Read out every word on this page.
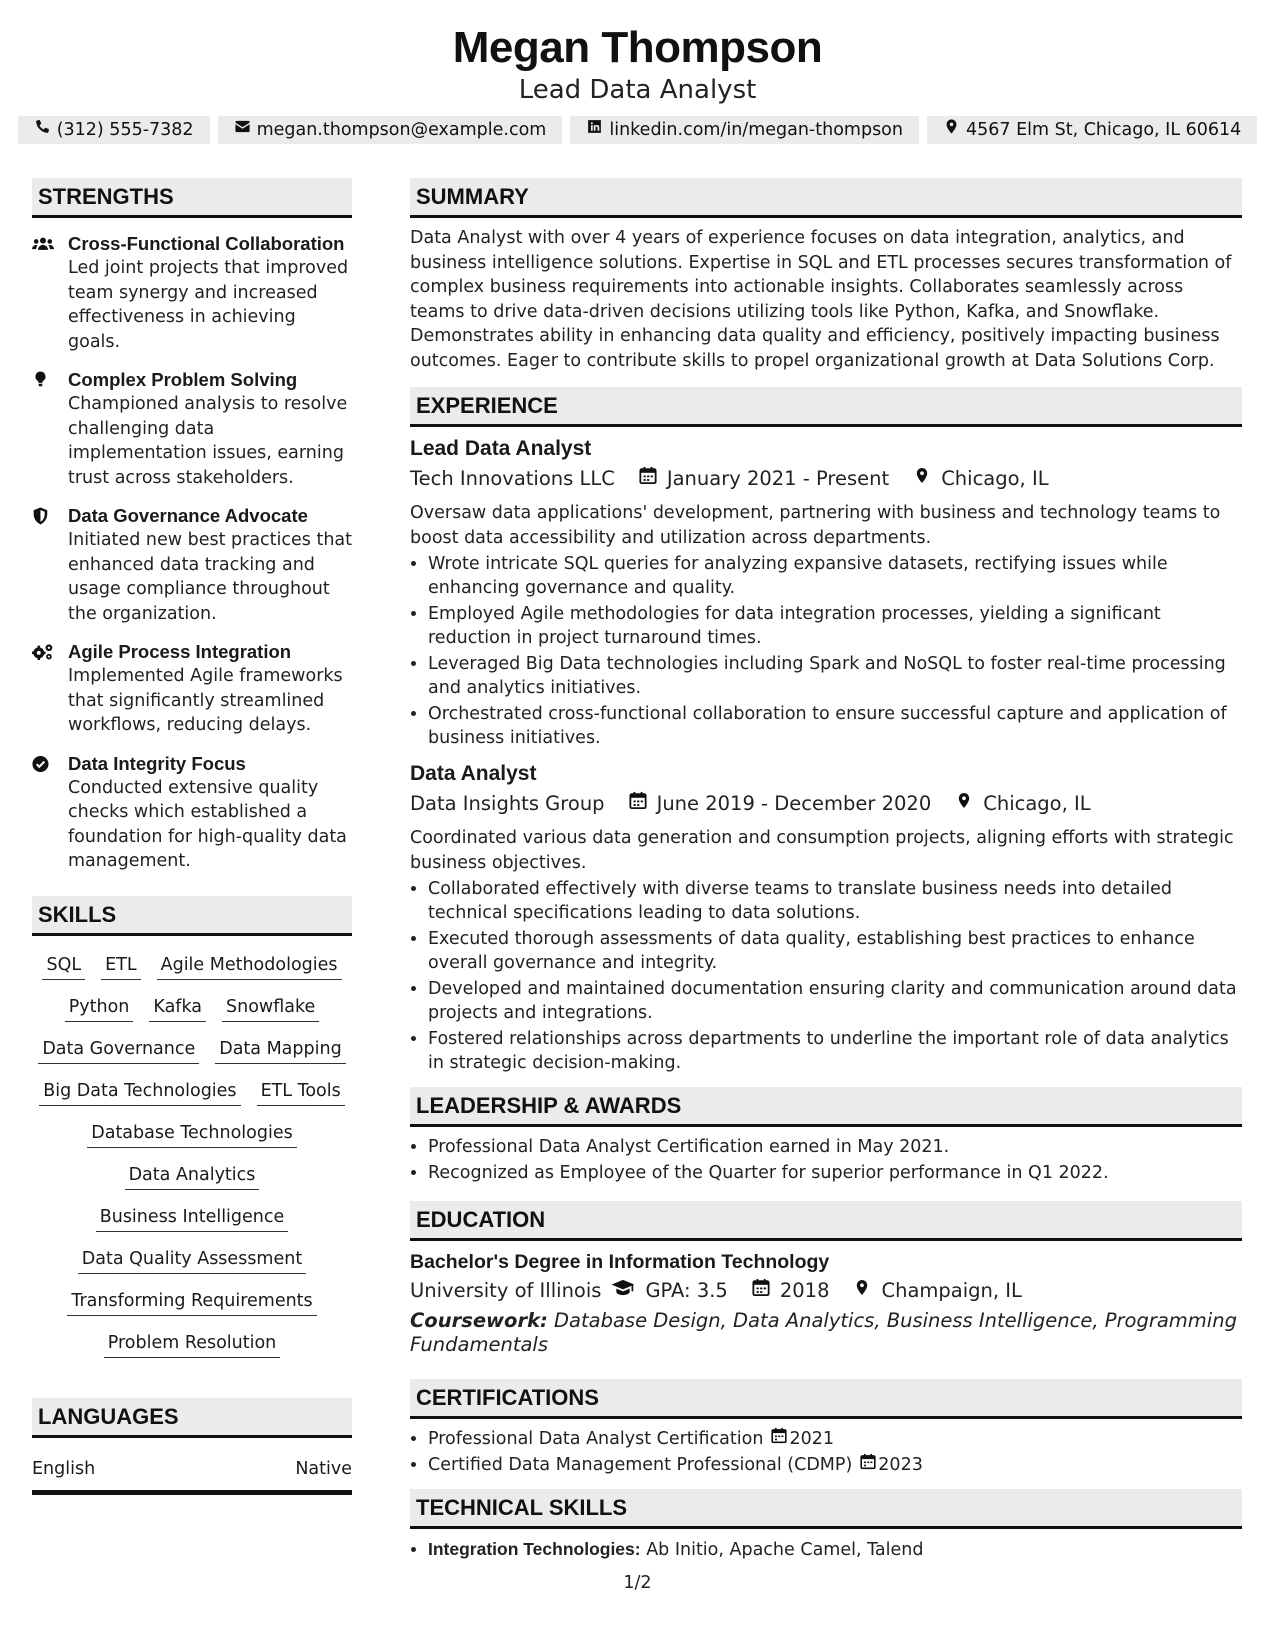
Megan Thompson
Lead Data Analyst
(312) 555-7382	megan.thompson@example.com	linkedin.com/in/megan-thompson	4567 Elm St, Chicago, IL 60614
STRENGTHS
Cross-Functional Collaboration
Led joint projects that improved team synergy and increased effectiveness in achieving goals.
Complex Problem Solving
Championed analysis to resolve challenging data implementation issues, earning trust across stakeholders.
Data Governance Advocate
Initiated new best practices that enhanced data tracking and usage compliance throughout the organization.
Agile Process Integration
Implemented Agile frameworks that significantly streamlined workflows, reducing delays.
Data Integrity Focus
Conducted extensive quality checks which established a foundation for high-quality data management.
SKILLS
SQL ETL Agile Methodologies
Python Kafka Snowflake
Data Governance Data Mapping
Big Data Technologies ETL Tools
Database Technologies
Data Analytics
Business Intelligence
Data Quality Assessment
Transforming Requirements
Problem Resolution
LANGUAGES
English	Native
SUMMARY

Data Analyst with over 4 years of experience focuses on data integration, analytics, and business intelligence solutions. Expertise in SQL and ETL processes secures transformation of complex business requirements into actionable insights. Collaborates seamlessly across teams to drive data-driven decisions utilizing tools like Python, Kafka, and Snowflake. Demonstrates ability in enhancing data quality and efficiency, positively impacting business outcomes. Eager to contribute skills to propel organizational growth at Data Solutions Corp.

EXPERIENCE
Lead Data Analyst
Tech Innovations LLC	January 2021 - Present	Chicago, IL

Oversaw data applications' development, partnering with business and technology teams to boost data accessibility and utilization across departments.

• Wrote intricate SQL queries for analyzing expansive datasets, rectifying issues while enhancing governance and quality.
• Employed Agile methodologies for data integration processes, yielding a significant reduction in project turnaround times.
• Leveraged Big Data technologies including Spark and NoSQL to foster real-time processing and analytics initiatives.
• Orchestrated cross-functional collaboration to ensure successful capture and application of business initiatives.
Data Analyst
Data Insights Group	June 2019 - December 2020	Chicago, IL

Coordinated various data generation and consumption projects, aligning efforts with strategic business objectives.

• Collaborated effectively with diverse teams to translate business needs into detailed technical specifications leading to data solutions.
• Executed thorough assessments of data quality, establishing best practices to enhance overall governance and integrity.
• Developed and maintained documentation ensuring clarity and communication around data projects and integrations.
• Fostered relationships across departments to underline the important role of data analytics in strategic decision-making.
LEADERSHIP & AWARDS
• Professional Data Analyst Certification earned in May 2021.
• Recognized as Employee of the Quarter for superior performance in Q1 2022.
EDUCATION
Bachelor's Degree in Information Technology
University of Illinois GPA: 3.5	2018	Champaign, IL
Coursework: Database Design, Data Analytics, Business Intelligence, Programming Fundamentals
CERTIFICATIONS
• Professional Data Analyst Certification 2021
• Certified Data Management Professional (CDMP) 2023
TECHNICAL SKILLS
• Integration Technologies: Ab Initio, Apache Camel, Talend
1/2
